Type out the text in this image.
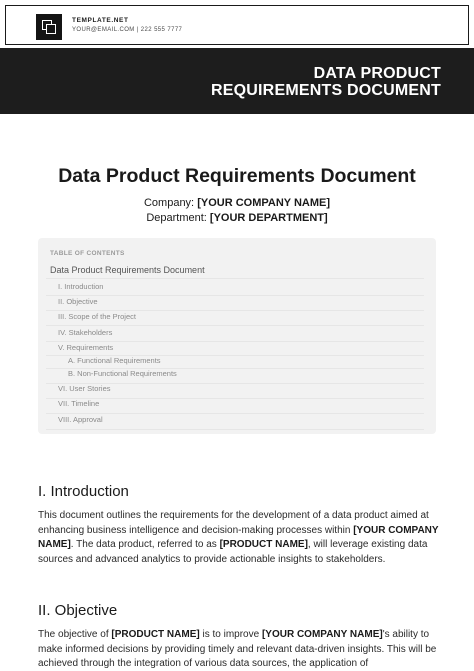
TEMPLATE.NET
YOUR@EMAIL.COM | 222 555 7777
DATA PRODUCT
REQUIREMENTS DOCUMENT
Data Product Requirements Document
Company: [YOUR COMPANY NAME]
Department: [YOUR DEPARTMENT]
TABLE OF CONTENTS
Data Product Requirements Document
I. Introduction
II. Objective
III. Scope of the Project
IV. Stakeholders
V. Requirements
A. Functional Requirements
B. Non-Functional Requirements
VI. User Stories
VII. Timeline
VIII. Approval
I. Introduction
This document outlines the requirements for the development of a data product aimed at enhancing business intelligence and decision-making processes within [YOUR COMPANY NAME]. The data product, referred to as [PRODUCT NAME], will leverage existing data sources and advanced analytics to provide actionable insights to stakeholders.
II. Objective
The objective of [PRODUCT NAME] is to improve [YOUR COMPANY NAME]'s ability to make informed decisions by providing timely and relevant data-driven insights. This will be achieved through the integration of various data sources, the application of
